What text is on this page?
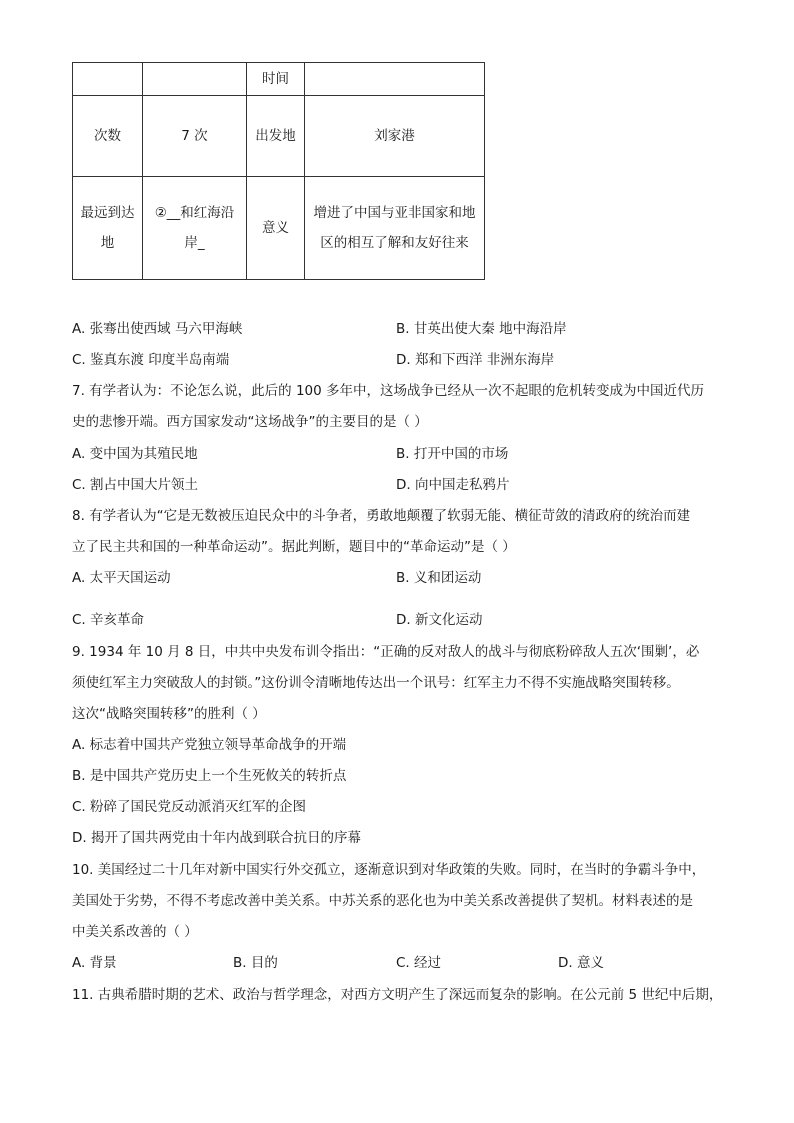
		时间	
次数	7 次	出发地	刘家港
最远到达地	②__和红海沿岸_	意义	增进了中国与亚非国家和地区的相互了解和友好往来
A. 张骞出使西域 马六甲海峡	B. 甘英出使大秦 地中海沿岸
C. 鉴真东渡 印度半岛南端	D. 郑和下西洋 非洲东海岸
7. 有学者认为：不论怎么说，此后的 100 多年中，这场战争已经从一次不起眼的危机转变成为中国近代历
史的悲惨开端。西方国家发动“这场战争”的主要目的是（ ）
A. 变中国为其殖民地	B. 打开中国的市场
C. 割占中国大片领土	D. 向中国走私鸦片
8. 有学者认为“它是无数被压迫民众中的斗争者，勇敢地颠覆了软弱无能、横征苛敛的清政府的统治而建
立了民主共和国的一种革命运动”。据此判断，题目中的“革命运动”是（ ）
A. 太平天国运动	B. 义和团运动
C. 辛亥革命	D. 新文化运动
9. 1934 年 10 月 8 日，中共中央发布训令指出：“正确的反对敌人的战斗与彻底粉碎敌人五次‘围剿’，必
须使红军主力突破敌人的封锁。”这份训令清晰地传达出一个讯号：红军主力不得不实施战略突围转移。
这次“战略突围转移”的胜利（ ）
A. 标志着中国共产党独立领导革命战争的开端
B. 是中国共产党历史上一个生死攸关的转折点
C. 粉碎了国民党反动派消灭红军的企图
D. 揭开了国共两党由十年内战到联合抗日的序幕
10. 美国经过二十几年对新中国实行外交孤立，逐渐意识到对华政策的失败。同时，在当时的争霸斗争中，
美国处于劣势，不得不考虑改善中美关系。中苏关系的恶化也为中美关系改善提供了契机。材料表述的是
中美关系改善的（ ）
A. 背景	B. 目的	C. 经过	D. 意义
11. 古典希腊时期的艺术、政治与哲学理念，对西方文明产生了深远而复杂的影响。在公元前 5 世纪中后期，
